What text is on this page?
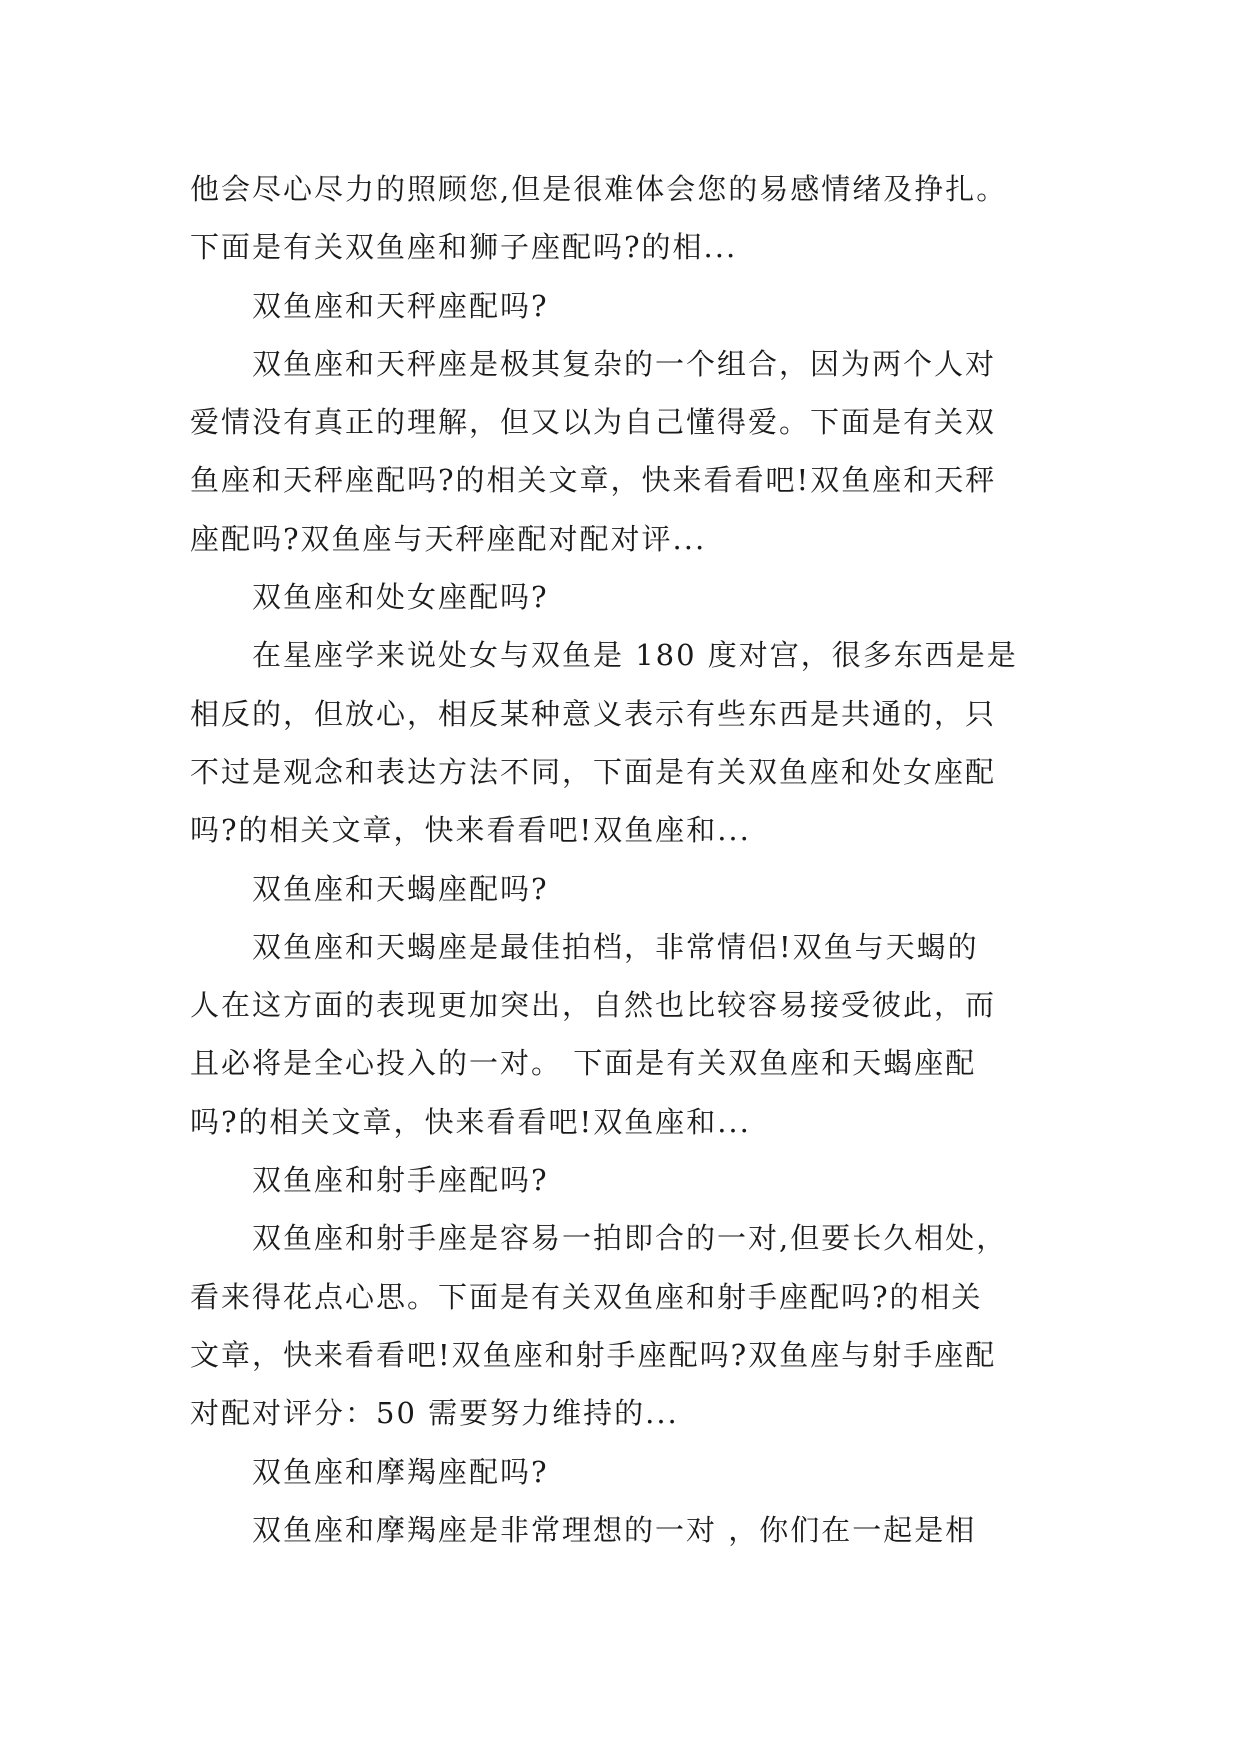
他会尽心尽力的照顾您,但是很难体会您的易感情绪及挣扎。
下面是有关双鱼座和狮子座配吗?的相...
双鱼座和天秤座配吗?
双鱼座和天秤座是极其复杂的一个组合，因为两个人对
爱情没有真正的理解，但又以为自己懂得爱。下面是有关双
鱼座和天秤座配吗?的相关文章，快来看看吧!双鱼座和天秤
座配吗?双鱼座与天秤座配对配对评...
双鱼座和处女座配吗?
在星座学来说处女与双鱼是 180 度对宫，很多东西是是
相反的，但放心，相反某种意义表示有些东西是共通的，只
不过是观念和表达方法不同，下面是有关双鱼座和处女座配
吗?的相关文章，快来看看吧!双鱼座和...
双鱼座和天蝎座配吗?
双鱼座和天蝎座是最佳拍档，非常情侣!双鱼与天蝎的
人在这方面的表现更加突出，自然也比较容易接受彼此，而
且必将是全心投入的一对。 下面是有关双鱼座和天蝎座配
吗?的相关文章，快来看看吧!双鱼座和...
双鱼座和射手座配吗?
双鱼座和射手座是容易一拍即合的一对,但要长久相处，
看来得花点心思。下面是有关双鱼座和射手座配吗?的相关
文章，快来看看吧!双鱼座和射手座配吗?双鱼座与射手座配
对配对评分：50 需要努力维持的...
双鱼座和摩羯座配吗?
双鱼座和摩羯座是非常理想的一对 ，你们在一起是相
